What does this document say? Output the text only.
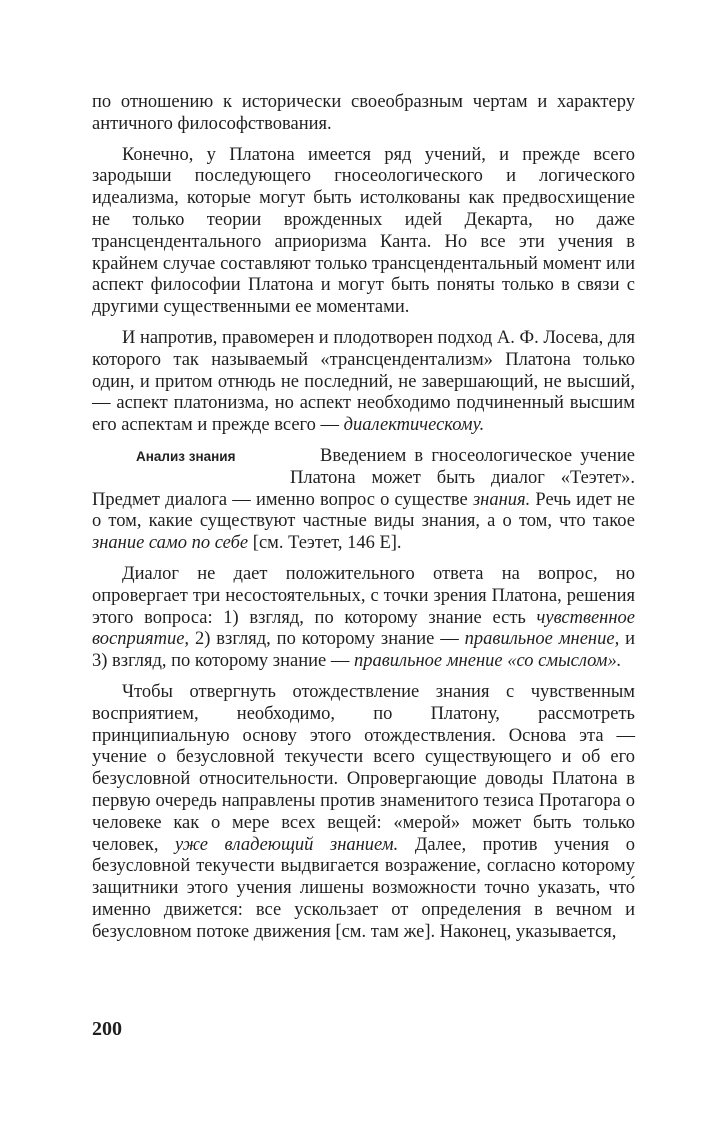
по отношению к исторически своеобразным чертам и характеру античного философствования.

Конечно, у Платона имеется ряд учений, и прежде всего зародыши последующего гносеологического и логического идеализма, которые могут быть истолкованы как предвосхищение не только теории врожденных идей Декарта, но даже трансцендентального априоризма Канта. Но все эти учения в крайнем случае составляют только трансцендентальный момент или аспект философии Платона и могут быть поняты только в связи с другими существенными ее моментами.

И напротив, правомерен и плодотворен подход А. Ф. Лосева, для которого так называемый «трансцендентализм» Платона только один, и притом отнюдь не последний, не завершающий, не высший,— аспект платонизма, но аспект необходимо подчиненный высшим его аспектам и прежде всего — диалектическому.

Анализ знания	Введением в гносеологическое учение Платона может быть диалог «Теэтет». Предмет диалога — именно вопрос о существе знания. Речь идет не о том, какие существуют частные виды знания, а о том, что такое знание само по себе [см. Теэтет, 146 E].

Диалог не дает положительного ответа на вопрос, но опровергает три несостоятельных, с точки зрения Платона, решения этого вопроса: 1) взгляд, по которому знание есть чувственное восприятие, 2) взгляд, по которому знание — правильное мнение, и 3) взгляд, по которому знание — правильное мнение «со смыслом».

Чтобы отвергнуть отождествление знания с чувственным восприятием, необходимо, по Платону, рассмотреть принципиальную основу этого отождествления. Основа эта — учение о безусловной текучести всего существующего и об его безусловной относительности. Опровергающие доводы Платона в первую очередь направлены против знаменитого тезиса Протагора о человеке как о мере всех вещей: «мерой» может быть только человек, уже владеющий знанием. Далее, против учения о безусловной текучести выдвигается возражение, согласно которому защитники этого учения лишены возможности точно указать, что́ именно движется: все ускользает от определения в вечном и безусловном потоке движения [см. там же]. Наконец, указывается,

200
